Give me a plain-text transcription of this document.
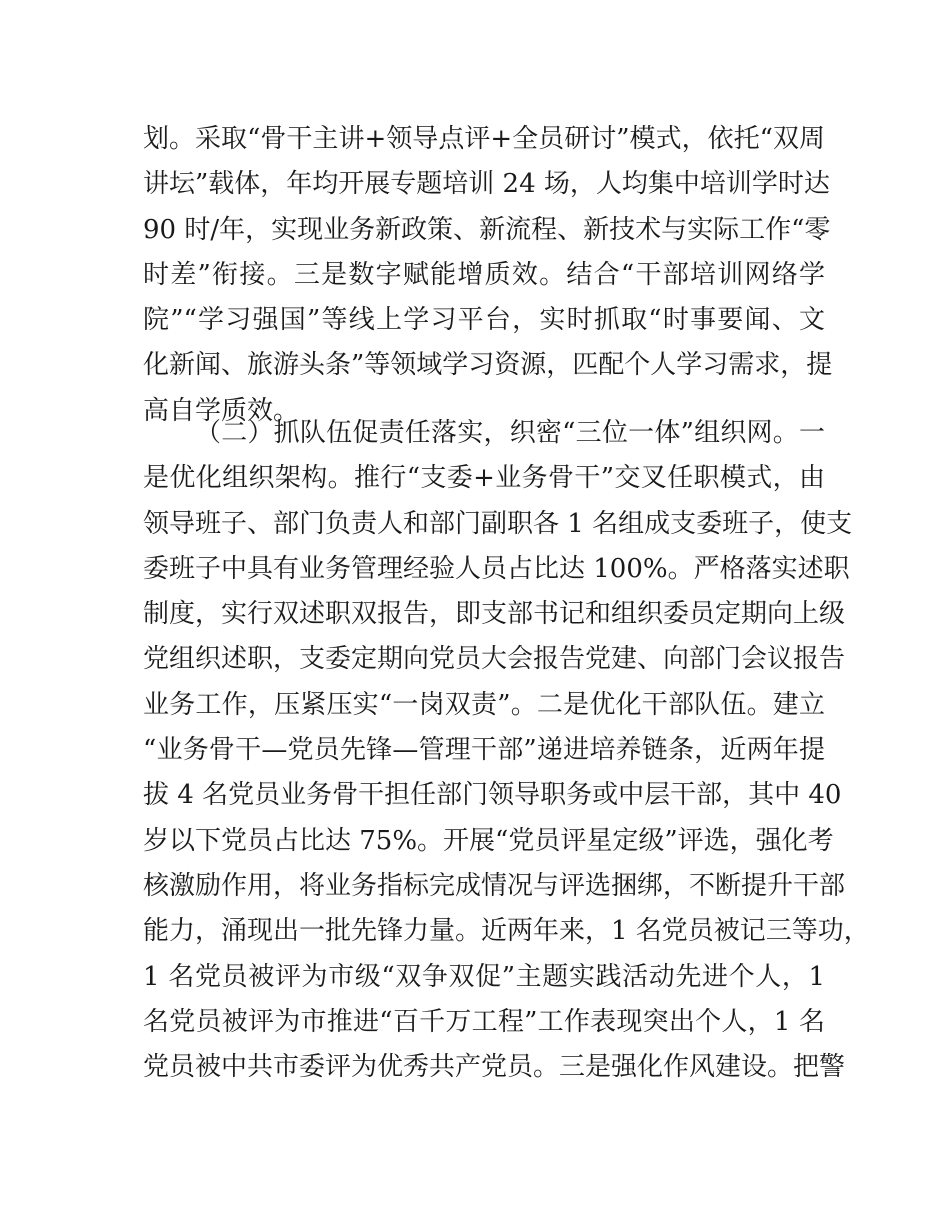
划。采取“骨干主讲+领导点评+全员研讨”模式，依托“双周
讲坛”载体，年均开展专题培训 24 场，人均集中培训学时达
90 时/年，实现业务新政策、新流程、新技术与实际工作“零
时差”衔接。三是数字赋能增质效。结合“干部培训网络学
院”“学习强国”等线上学习平台，实时抓取“时事要闻、文
化新闻、旅游头条”等领域学习资源，匹配个人学习需求，提
高自学质效。
（二）抓队伍促责任落实，织密“三位一体”组织网。一
是优化组织架构。推行“支委+业务骨干”交叉任职模式，由
领导班子、部门负责人和部门副职各 1 名组成支委班子，使支
委班子中具有业务管理经验人员占比达 100%。严格落实述职
制度，实行双述职双报告，即支部书记和组织委员定期向上级
党组织述职，支委定期向党员大会报告党建、向部门会议报告
业务工作，压紧压实“一岗双责”。二是优化干部队伍。建立
“业务骨干—党员先锋—管理干部”递进培养链条，近两年提
拔 4 名党员业务骨干担任部门领导职务或中层干部，其中 40
岁以下党员占比达 75%。开展“党员评星定级”评选，强化考
核激励作用，将业务指标完成情况与评选捆绑，不断提升干部
能力，涌现出一批先锋力量。近两年来，1 名党员被记三等功，
1 名党员被评为市级“双争双促”主题实践活动先进个人，1
名党员被评为市推进“百千万工程”工作表现突出个人，1 名
党员被中共市委评为优秀共产党员。三是强化作风建设。把警
